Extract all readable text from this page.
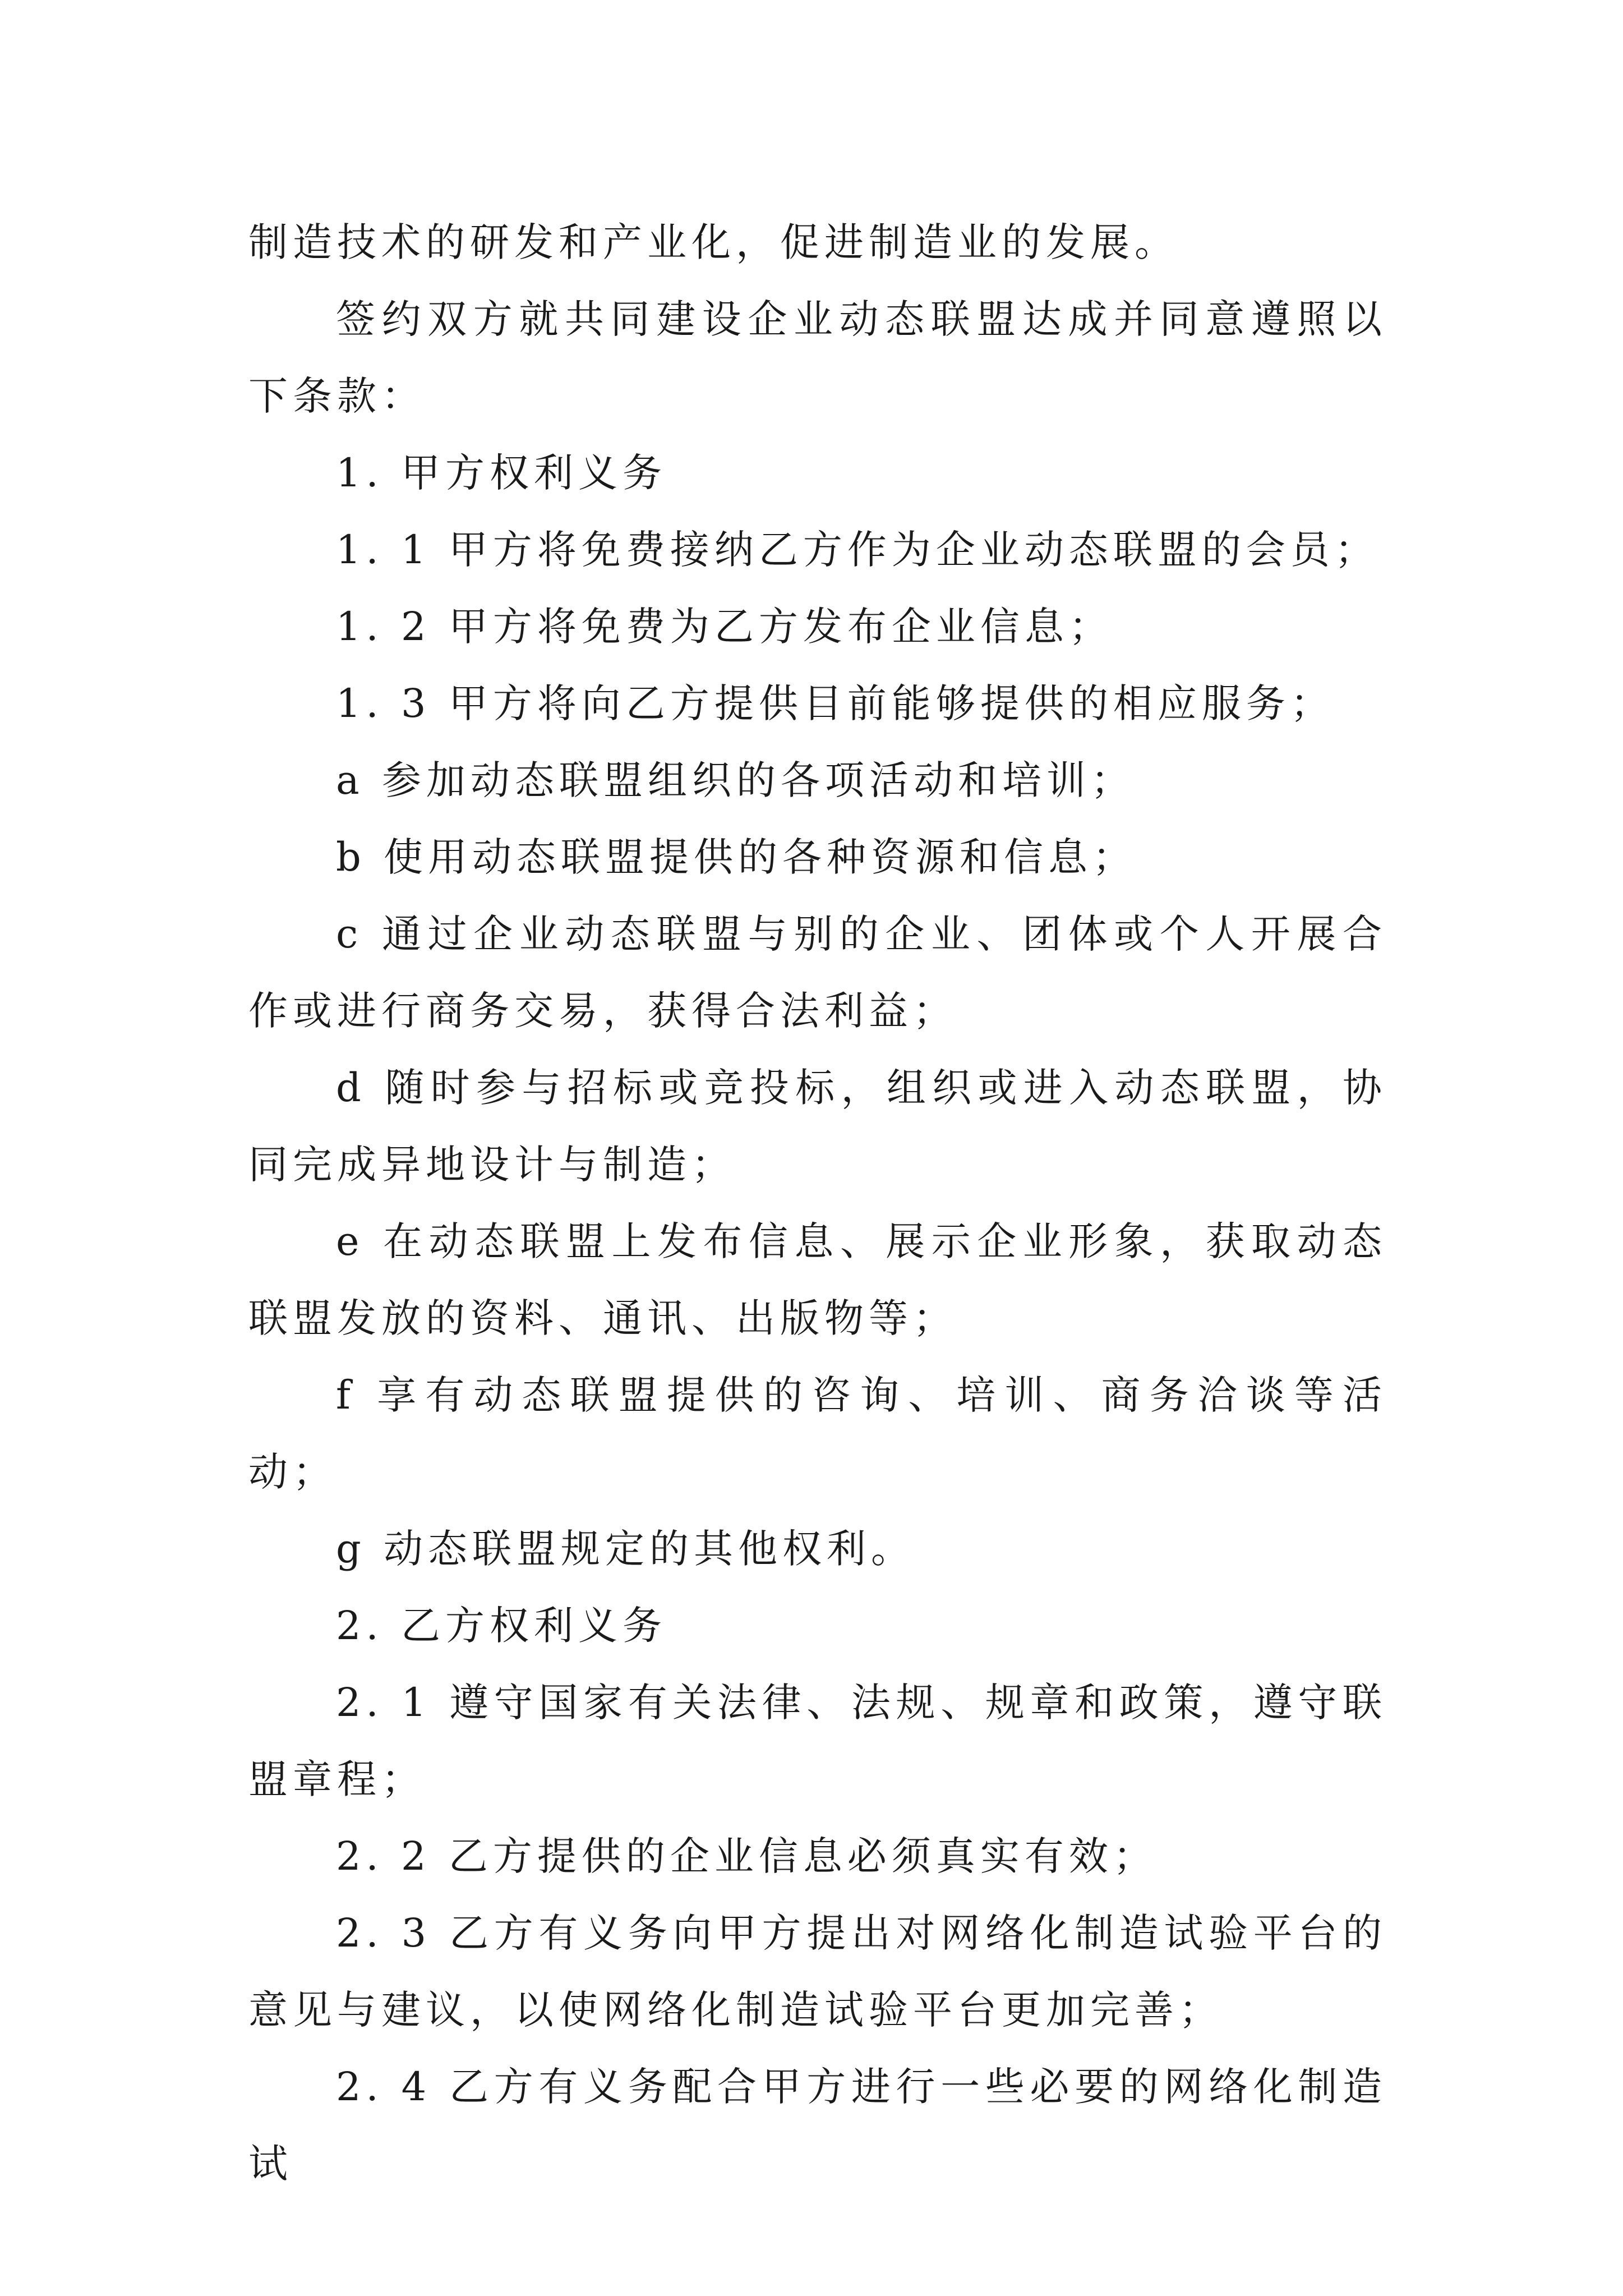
制造技术的研发和产业化，促进制造业的发展。

签约双方就共同建设企业动态联盟达成并同意遵照以下条款：

1. 甲方权利义务

1. 1 甲方将免费接纳乙方作为企业动态联盟的会员；

1. 2 甲方将免费为乙方发布企业信息；

1. 3 甲方将向乙方提供目前能够提供的相应服务；

a 参加动态联盟组织的各项活动和培训；

b 使用动态联盟提供的各种资源和信息；

c 通过企业动态联盟与别的企业、团体或个人开展合作或进行商务交易，获得合法利益；

d 随时参与招标或竞投标，组织或进入动态联盟，协同完成异地设计与制造；

e 在动态联盟上发布信息、展示企业形象，获取动态联盟发放的资料、通讯、出版物等；

f 享有动态联盟提供的咨询、培训、商务洽谈等活动；

g 动态联盟规定的其他权利。

2. 乙方权利义务

2. 1 遵守国家有关法律、法规、规章和政策，遵守联盟章程；

2. 2 乙方提供的企业信息必须真实有效；

2. 3 乙方有义务向甲方提出对网络化制造试验平台的意见与建议，以使网络化制造试验平台更加完善；

2. 4 乙方有义务配合甲方进行一些必要的网络化制造试
